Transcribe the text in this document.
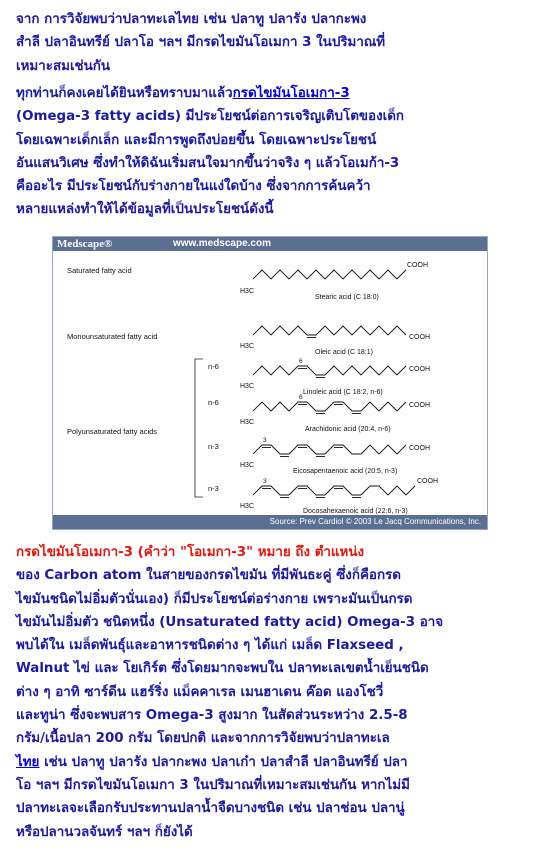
จาก การวิจัยพบว่าปลาทะเลไทย เช่น ปลาทู ปลารัง ปลากะพง
สำลี ปลาอินทรีย์ ปลาโอ ฯลฯ มีกรดไขมันโอเมกา 3 ในปริมาณที่
เหมาะสมเช่นกัน
ทุกท่านก็คงเคยได้ยินหรือทราบมาแล้วกรดไขมันโอเมกา-3
(Omega-3 fatty acids) มีประโยชน์ต่อการเจริญเติบโตของเด็ก
โดยเฉพาะเด็กเล็ก และมีการพูดถึงบ่อยขึ้น โดยเฉพาะประโยชน์
อันแสนวิเศษ ซึ่งทำให้ดิฉันเริ่มสนใจมากขึ้นว่าจริง ๆ แล้วโอเมก้า-3
คืออะไร มีประโยชน์กับร่างกายในแง่ใดบ้าง ซึ่งจากการค้นคว้า
หลายแหล่งทำให้ได้ข้อมูลที่เป็นประโยชน์ดังนี้
Medscape®	www.medscape.com
Saturated fatty acid
Monounsaturated fatty acid
Polyunsaturated fatty acids
n-6
n-6
n-3
n-3
H3C
COOH
Stearic acid (C 18:0)
H3C
COOH
Oleic acid (C 18:1)
6
H3C
COOH
Linoleic acid (C 18:2, n-6)
6
H3C
COOH
Arachidonic acid (20:4, n-6)
3
H3C
COOH
Eicosapentaenoic acid (20:5, n-3)
3
H3C
COOH
Docosahexaenoic acid (22:6, n-3)
Source: Prev Cardiol © 2003 Le Jacq Communications, Inc.
กรดไขมันโอเมกา-3 (คำว่า "โอเมกา-3" หมาย ถึง ตำแหน่ง
ของ Carbon atom ในสายของกรดไขมัน ที่มีพันธะคู่ ซึ่งก็คือกรด
ไขมันชนิดไม่อิ่มตัวนั่นเอง) ก็มีประโยชน์ต่อร่างกาย เพราะมันเป็นกรด
ไขมันไม่อิ่มตัว ชนิดหนึ่ง (Unsaturated fatty acid) Omega-3 อาจ
พบได้ใน เมล็ดพันธุ์และอาหารชนิดต่าง ๆ ได้แก่ เมล็ด Flaxseed ,
Walnut ไข่ และ โยเกิร์ต ซึ่งโดยมากจะพบใน ปลาทะเลเขตน้ำเย็นชนิด
ต่าง ๆ อาทิ ซาร์ดีน แฮร์ริ่ง แม็คคาเรล เมนฮาเดน ค๊อด แองโชวี่
และทูน่า ซึ่งจะพบสาร Omega-3 สูงมาก ในสัดส่วนระหว่าง 2.5-8
กรัม/เนื้อปลา 200 กรัม โดยปกติ และจากการวิจัยพบว่าปลาทะเล
ไทย เช่น ปลาทู ปลารัง ปลากะพง ปลาเก๋า ปลาสำลี ปลาอินทรีย์ ปลา
โอ ฯลฯ มีกรดไขมันโอเมกา 3 ในปริมาณที่เหมาะสมเช่นกัน หากไม่มี
ปลาทะเลจะเลือกรับประทานปลาน้ำจืดบางชนิด เช่น ปลาช่อน ปลานู่
หรือปลานวลจันทร์ ฯลฯ ก็ยังได้
